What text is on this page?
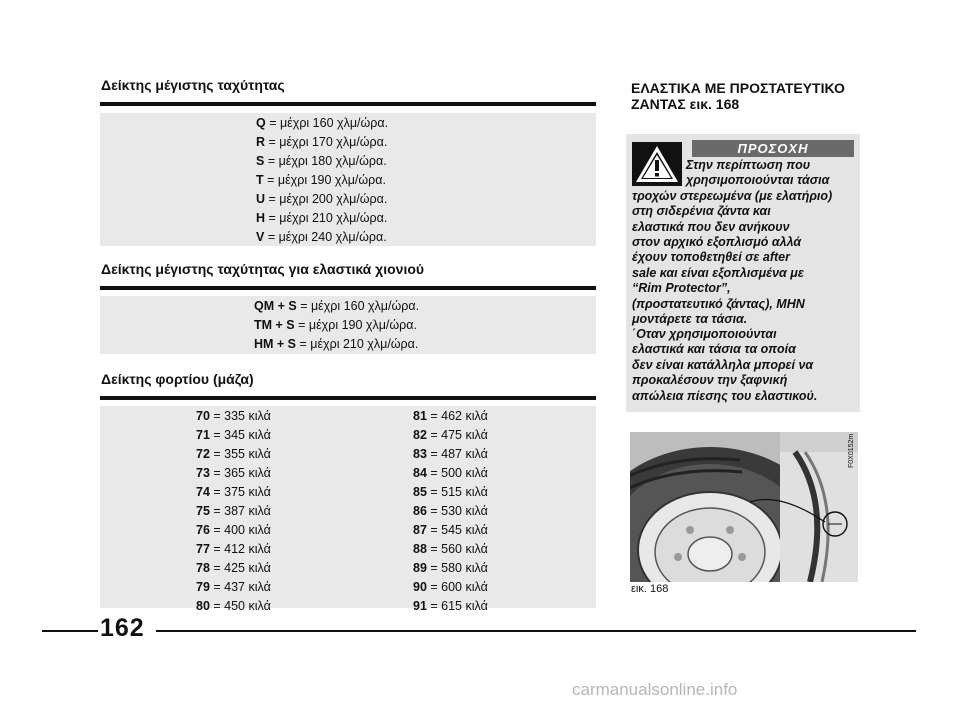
Δείκτης μέγιστης ταχύτητας
Q = μέχρι 160 χλμ/ώρα.
R = μέχρι 170 χλμ/ώρα.
S = μέχρι 180 χλμ/ώρα.
T = μέχρι 190 χλμ/ώρα.
U = μέχρι 200 χλμ/ώρα.
H = μέχρι 210 χλμ/ώρα.
V = μέχρι 240 χλμ/ώρα.
Δείκτης μέγιστης ταχύτητας για ελαστικά χιονιού
QM + S = μέχρι 160 χλμ/ώρα.
TM + S = μέχρι 190 χλμ/ώρα.
HM + S = μέχρι 210 χλμ/ώρα.
Δείκτης φορτίου (μάζα)
70 = 335 κιλά
71 = 345 κιλά
72 = 355 κιλά
73 = 365 κιλά
74 = 375 κιλά
75 = 387 κιλά
76 = 400 κιλά
77 = 412 κιλά
78 = 425 κιλά
79 = 437 κιλά
80 = 450 κιλά
81 = 462 κιλά
82 = 475 κιλά
83 = 487 κιλά
84 = 500 κιλά
85 = 515 κιλά
86 = 530 κιλά
87 = 545 κιλά
88 = 560 κιλά
89 = 580 κιλά
90 = 600 κιλά
91 = 615 κιλά
ΕΛΑΣΤΙΚΑ ΜΕ ΠΡΟΣΤΑΤΕΥΤΙΚΟ
ΖΑΝΤΑΣ εικ. 168
ΠΡΟΣΟΧΗ
Στην περίπτωση που
χρησιμοποιούνται τάσια
τροχών στερεωμένα (με ελατήριο)
στη σιδερένια ζάντα και
ελαστικά που δεν ανήκουν
στον αρχικό εξοπλισμό αλλά
έχουν τοποθετηθεί σε after
sale και είναι εξοπλισμένα με
“Rim Protector”,
(προστατευτικό ζάντας), ΜΗΝ
μοντάρετε τα τάσια.
΄Οταν χρησιμοποιούνται
ελαστικά και τάσια τα οποία
δεν είναι κατάλληλα μπορεί να
προκαλέσουν την ξαφνική
απώλεια πίεσης του ελαστικού.
F0X0152m
εικ. 168
162
carmanualsonline.info
